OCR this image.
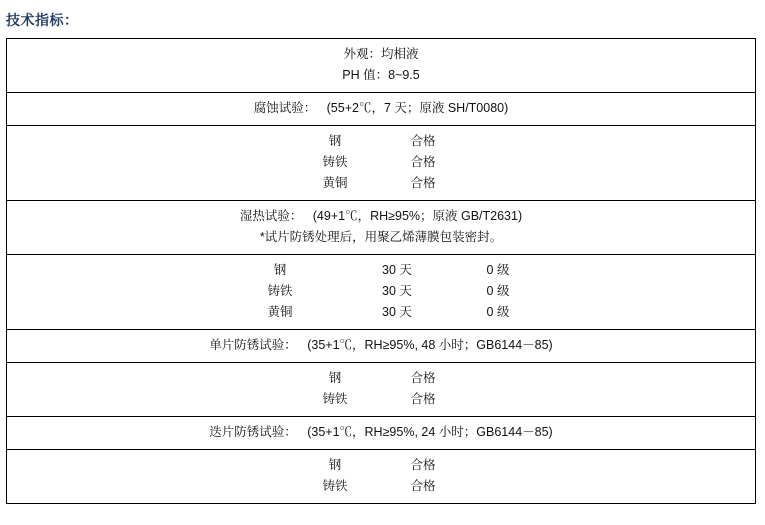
技术指标：
外观：均相液
PH 值：8~9.5

腐蚀试验：   (55+2℃，7 天；原液 SH/T0080)

钢	合格
铸铁	合格
黄铜	合格

湿热试验：   (49+1℃，RH≥95%；原液 GB/T2631)
*试片防锈处理后，用聚乙烯薄膜包装密封。

钢	30 天	0 级
铸铁	30 天	0 级
黄铜	30 天	0 级

单片防锈试验：   (35+1℃，RH≥95%, 48 小时；GB6144－85)

钢	合格
铸铁	合格

迭片防锈试验：   (35+1℃，RH≥95%, 24 小时；GB6144－85)

钢	合格
铸铁	合格
